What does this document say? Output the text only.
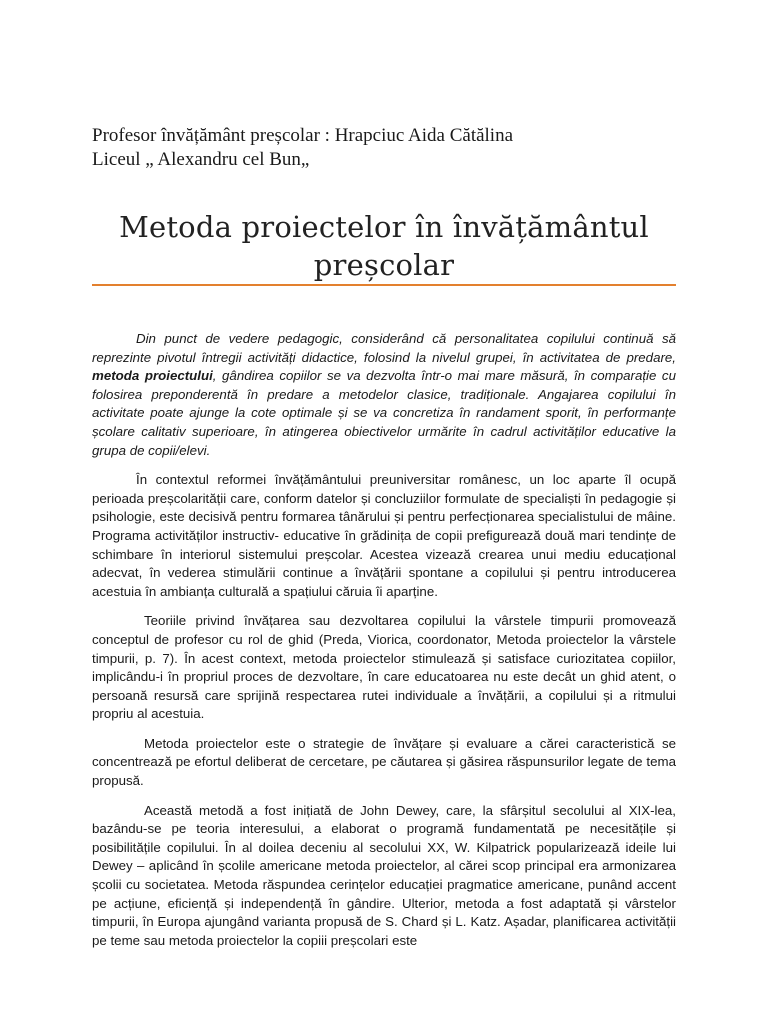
Profesor învățământ preșcolar : Hrapciuc Aida Cătălina
Liceul „ Alexandru cel Bun„
Metoda proiectelor în învățământul
preșcolar

Din punct de vedere pedagogic, considerând că personalitatea copilului continuă să reprezinte pivotul întregii activități didactice, folosind la nivelul grupei, în activitatea de predare, metoda proiectului, gândirea copiilor se va dezvolta într-o mai mare măsură, în comparație cu folosirea preponderentă în predare a metodelor clasice, tradiționale. Angajarea copilului în activitate poate ajunge la cote optimale și se va concretiza în randament sporit, în performanțe școlare calitativ superioare, în atingerea obiectivelor urmărite în cadrul activităților educative la grupa de copii/elevi.

În contextul reformei învățământului preuniversitar românesc, un loc aparte îl ocupă perioada preșcolarității care, conform datelor și concluziilor formulate de specialiști în pedagogie și psihologie, este decisivă pentru formarea tânărului și pentru perfecționarea specialistului de mâine. Programa activităților instructiv- educative în grădinița de copii prefigurează două mari tendințe de schimbare în interiorul sistemului preșcolar. Acestea vizează crearea unui mediu educațional adecvat, în vederea stimulării continue a învățării spontane a copilului și pentru introducerea acestuia în ambianța culturală a spațiului căruia îi aparține.

Teoriile privind învățarea sau dezvoltarea copilului la vârstele timpurii promovează conceptul de profesor cu rol de ghid (Preda, Viorica, coordonator, Metoda proiectelor la vârstele timpurii, p. 7). În acest context, metoda proiectelor stimulează și satisface curiozitatea copiilor, implicându-i în propriul proces de dezvoltare, în care educatoarea nu este decât un ghid atent, o persoană resursă care sprijină respectarea rutei individuale a învățării, a copilului și a ritmului propriu al acestuia.

Metoda proiectelor este o strategie de învățare și evaluare a cărei caracteristică se concentrează pe efortul deliberat de cercetare, pe căutarea și găsirea răspunsurilor legate de tema propusă.

Această metodă a fost inițiată de John Dewey, care, la sfârșitul secolului al XIX-lea, bazându-se pe teoria interesului, a elaborat o programă fundamentată pe necesitățile și posibilitățile copilului. În al doilea deceniu al secolului XX, W. Kilpatrick popularizează ideile lui Dewey – aplicând în școlile americane metoda proiectelor, al cărei scop principal era armonizarea școlii cu societatea. Metoda răspundea cerințelor educației pragmatice americane, punând accent pe acțiune, eficiență și independență în gândire. Ulterior, metoda a fost adaptată și vârstelor timpurii, în Europa ajungând varianta propusă de S. Chard și L. Katz. Așadar, planificarea activității pe teme sau metoda proiectelor la copiii preșcolari este
